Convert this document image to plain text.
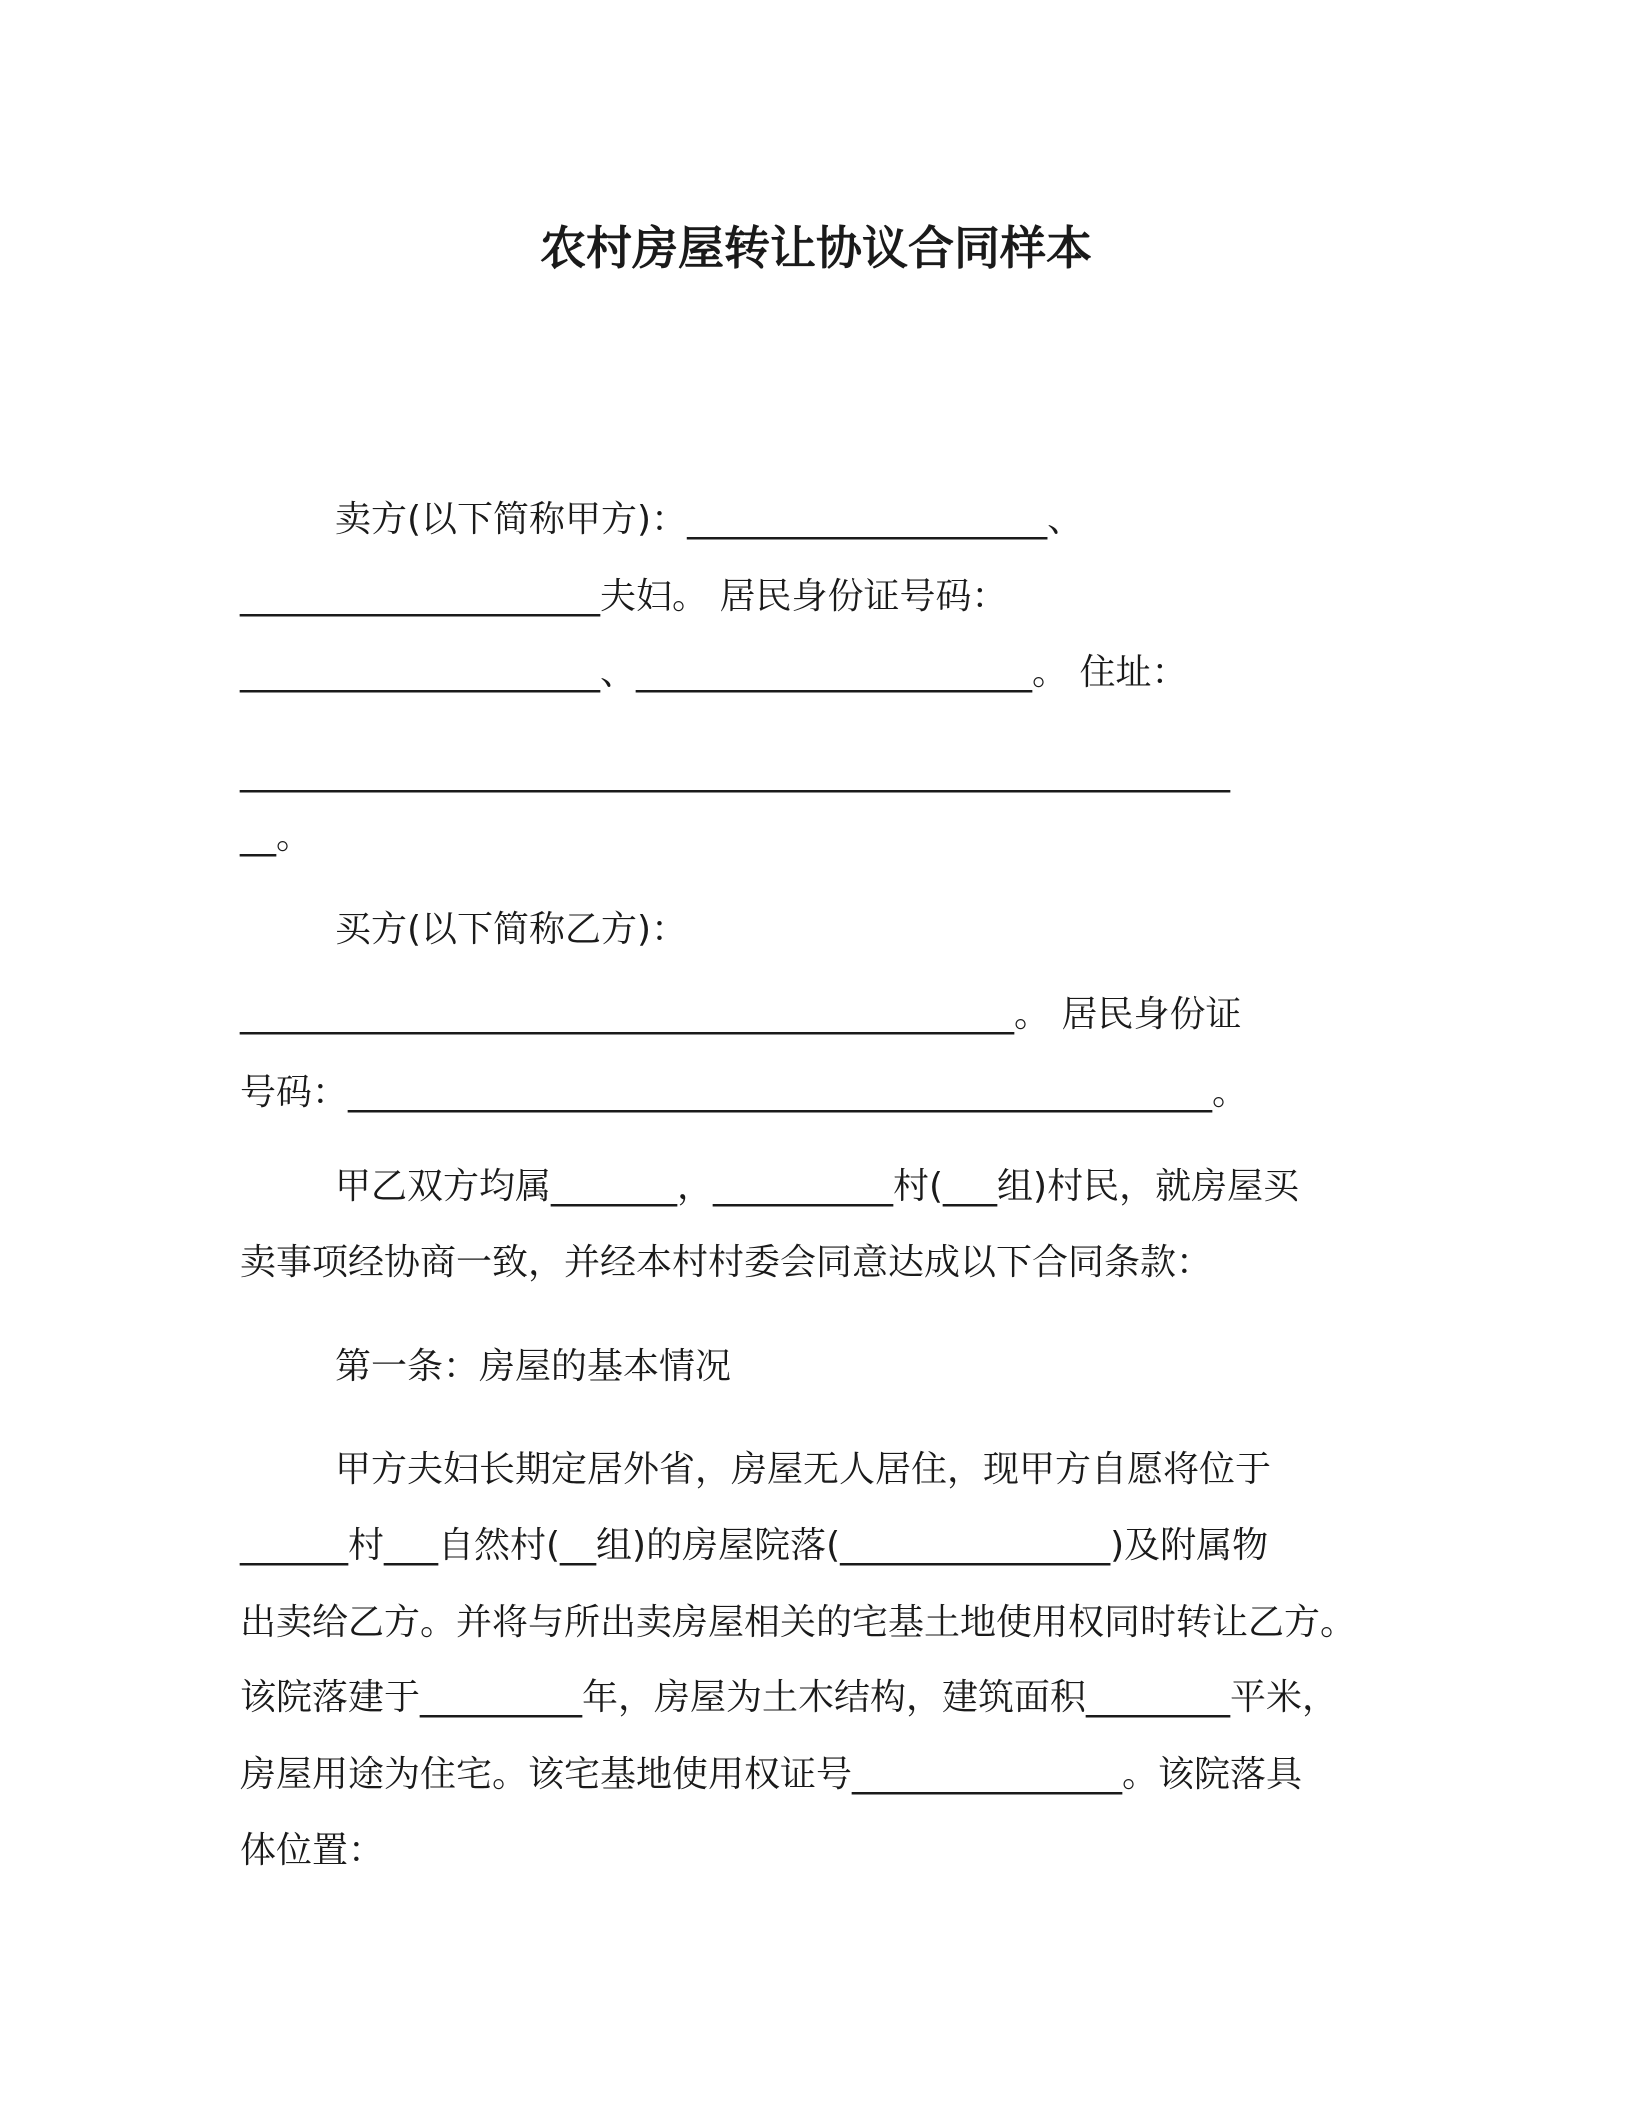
农村房屋转让协议合同样本
卖方(以下简称甲方)：____________________、
____________________夫妇。 居民身份证号码：
____________________、______________________。 住址：
_______________________________________________________
__。
买方(以下简称乙方)：
___________________________________________。 居民身份证
号码：________________________________________________。
甲乙双方均属_______，__________村(___组)村民，就房屋买
卖事项经协商一致，并经本村村委会同意达成以下合同条款：
第一条：房屋的基本情况
甲方夫妇长期定居外省，房屋无人居住，现甲方自愿将位于
______村___自然村(__组)的房屋院落(_______________)及附属物
出卖给乙方。并将与所出卖房屋相关的宅基土地使用权同时转让乙方。
该院落建于_________年，房屋为土木结构，建筑面积________平米，
房屋用途为住宅。该宅基地使用权证号_______________。该院落具
体位置：
